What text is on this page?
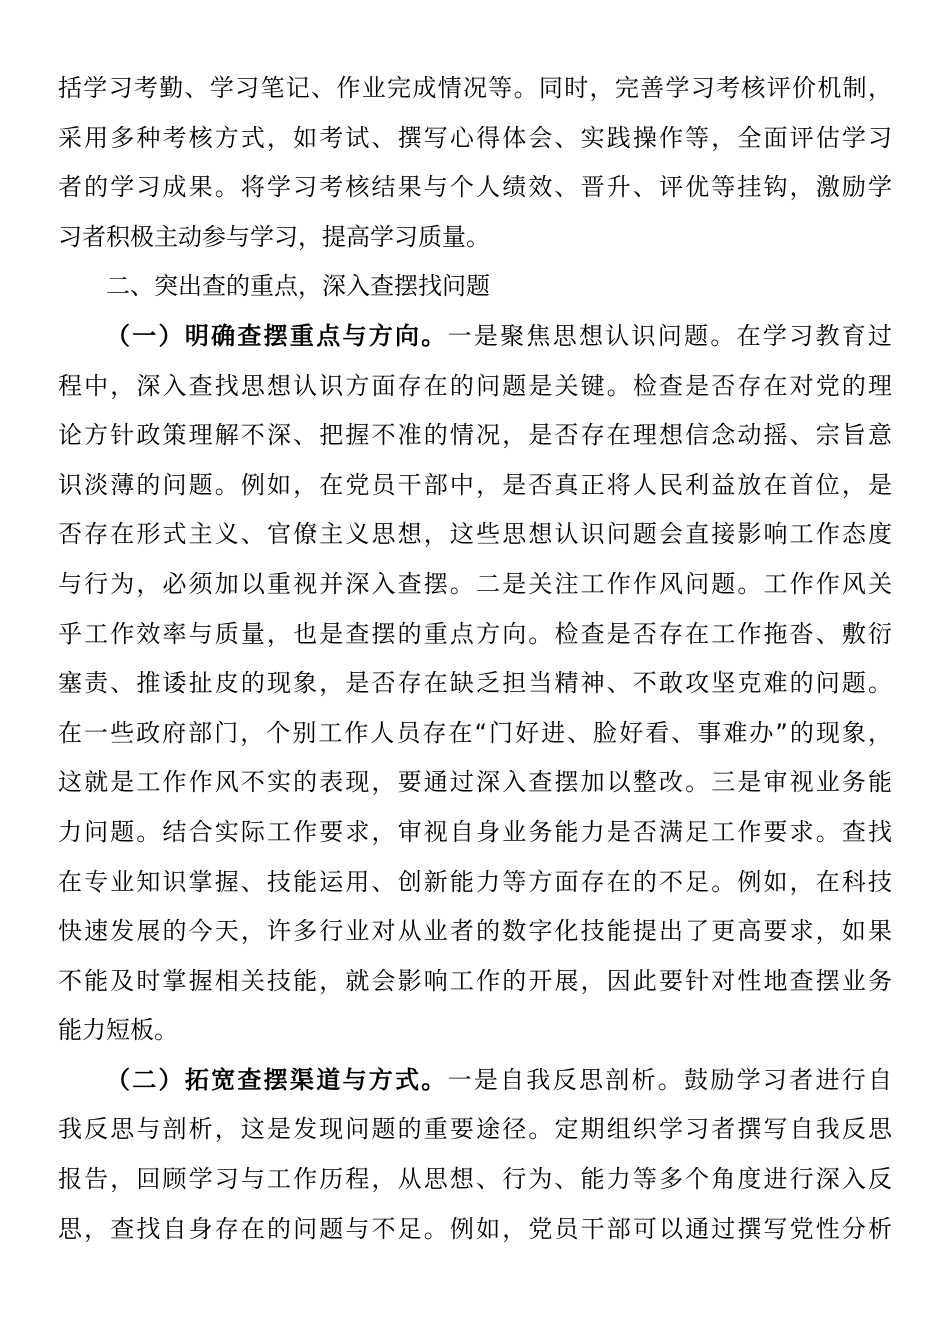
括学习考勤、学习笔记、作业完成情况等。同时，完善学习考核评价机制，
采用多种考核方式，如考试、撰写心得体会、实践操作等，全面评估学习
者的学习成果。将学习考核结果与个人绩效、晋升、评优等挂钩，激励学
习者积极主动参与学习，提高学习质量。
二、突出查的重点，深入查摆找问题
（一）明确查摆重点与方向。一是聚焦思想认识问题。在学习教育过
程中，深入查找思想认识方面存在的问题是关键。检查是否存在对党的理
论方针政策理解不深、把握不准的情况，是否存在理想信念动摇、宗旨意
识淡薄的问题。例如，在党员干部中，是否真正将人民利益放在首位，是
否存在形式主义、官僚主义思想，这些思想认识问题会直接影响工作态度
与行为，必须加以重视并深入查摆。二是关注工作作风问题。工作作风关
乎工作效率与质量，也是查摆的重点方向。检查是否存在工作拖沓、敷衍
塞责、推诿扯皮的现象，是否存在缺乏担当精神、不敢攻坚克难的问题。
在一些政府部门，个别工作人员存在“门好进、脸好看、事难办”的现象，
这就是工作作风不实的表现，要通过深入查摆加以整改。三是审视业务能
力问题。结合实际工作要求，审视自身业务能力是否满足工作要求。查找
在专业知识掌握、技能运用、创新能力等方面存在的不足。例如，在科技
快速发展的今天，许多行业对从业者的数字化技能提出了更高要求，如果
不能及时掌握相关技能，就会影响工作的开展，因此要针对性地查摆业务
能力短板。
（二）拓宽查摆渠道与方式。一是自我反思剖析。鼓励学习者进行自
我反思与剖析，这是发现问题的重要途径。定期组织学习者撰写自我反思
报告，回顾学习与工作历程，从思想、行为、能力等多个角度进行深入反
思，查找自身存在的问题与不足。例如，党员干部可以通过撰写党性分析
